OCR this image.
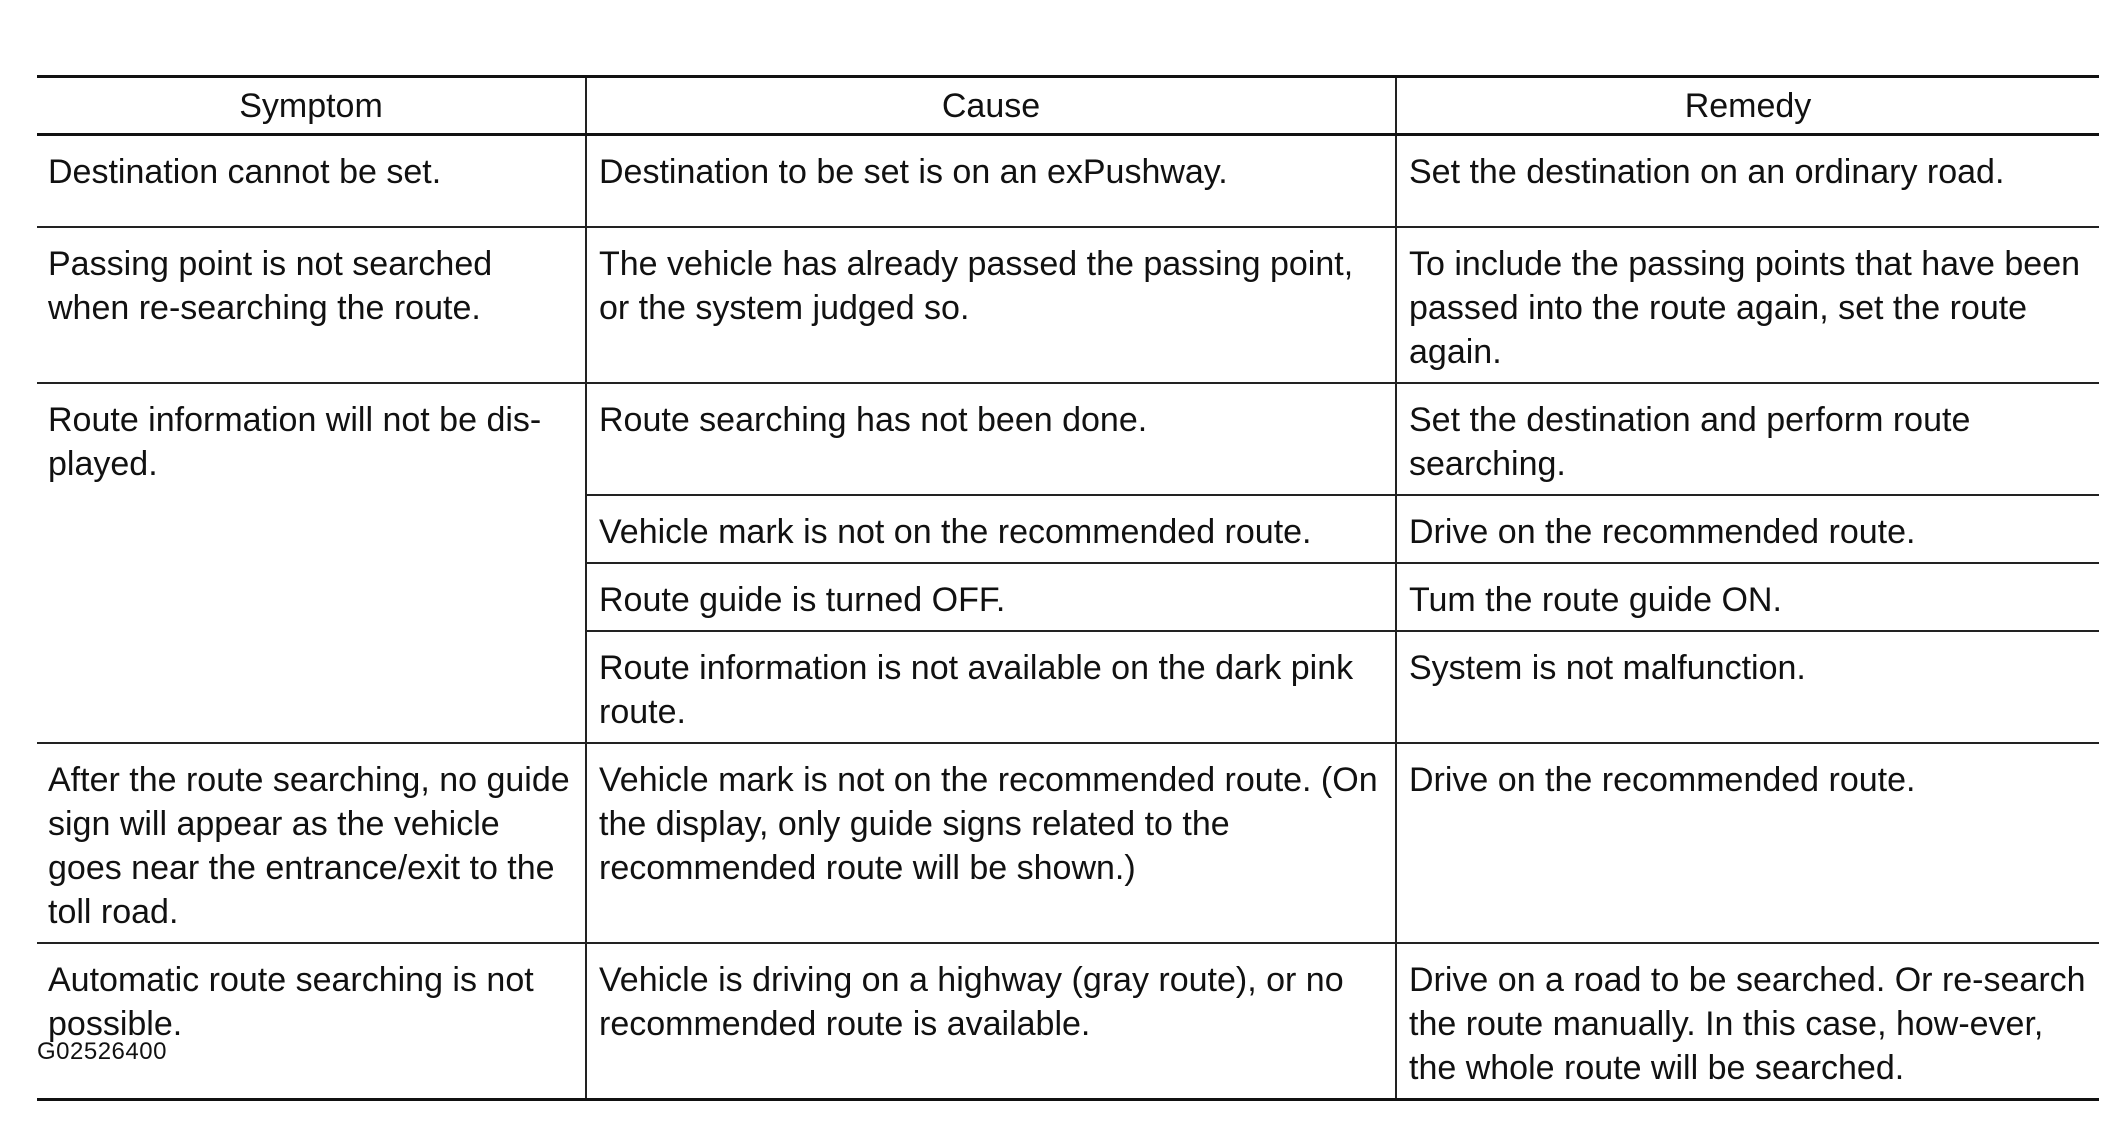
Symptom	Cause	Remedy
Destination cannot be set.	Destination to be set is on an exPushway.	Set the destination on an ordinary road.
Passing point is not searched when re-searching the route.	The vehicle has already passed the passing point, or the system judged so.	To include the passing points that have been passed into the route again, set the route again.
Route information will not be dis-played.	Route searching has not been done.	Set the destination and perform route searching.
	Vehicle mark is not on the recommended route.	Drive on the recommended route.
	Route guide is turned OFF.	Tum the route guide ON.
	Route information is not available on the dark pink route.	System is not malfunction.
After the route searching, no guide sign will appear as the vehicle goes near the entrance/exit to the toll road.	Vehicle mark is not on the recommended route. (On the display, only guide signs related to the recommended route will be shown.)	Drive on the recommended route.
Automatic route searching is not possible.	Vehicle is driving on a highway (gray route), or no recommended route is available.	Drive on a road to be searched. Or re-search the route manually. In this case, how-ever, the whole route will be searched.
G02526400
